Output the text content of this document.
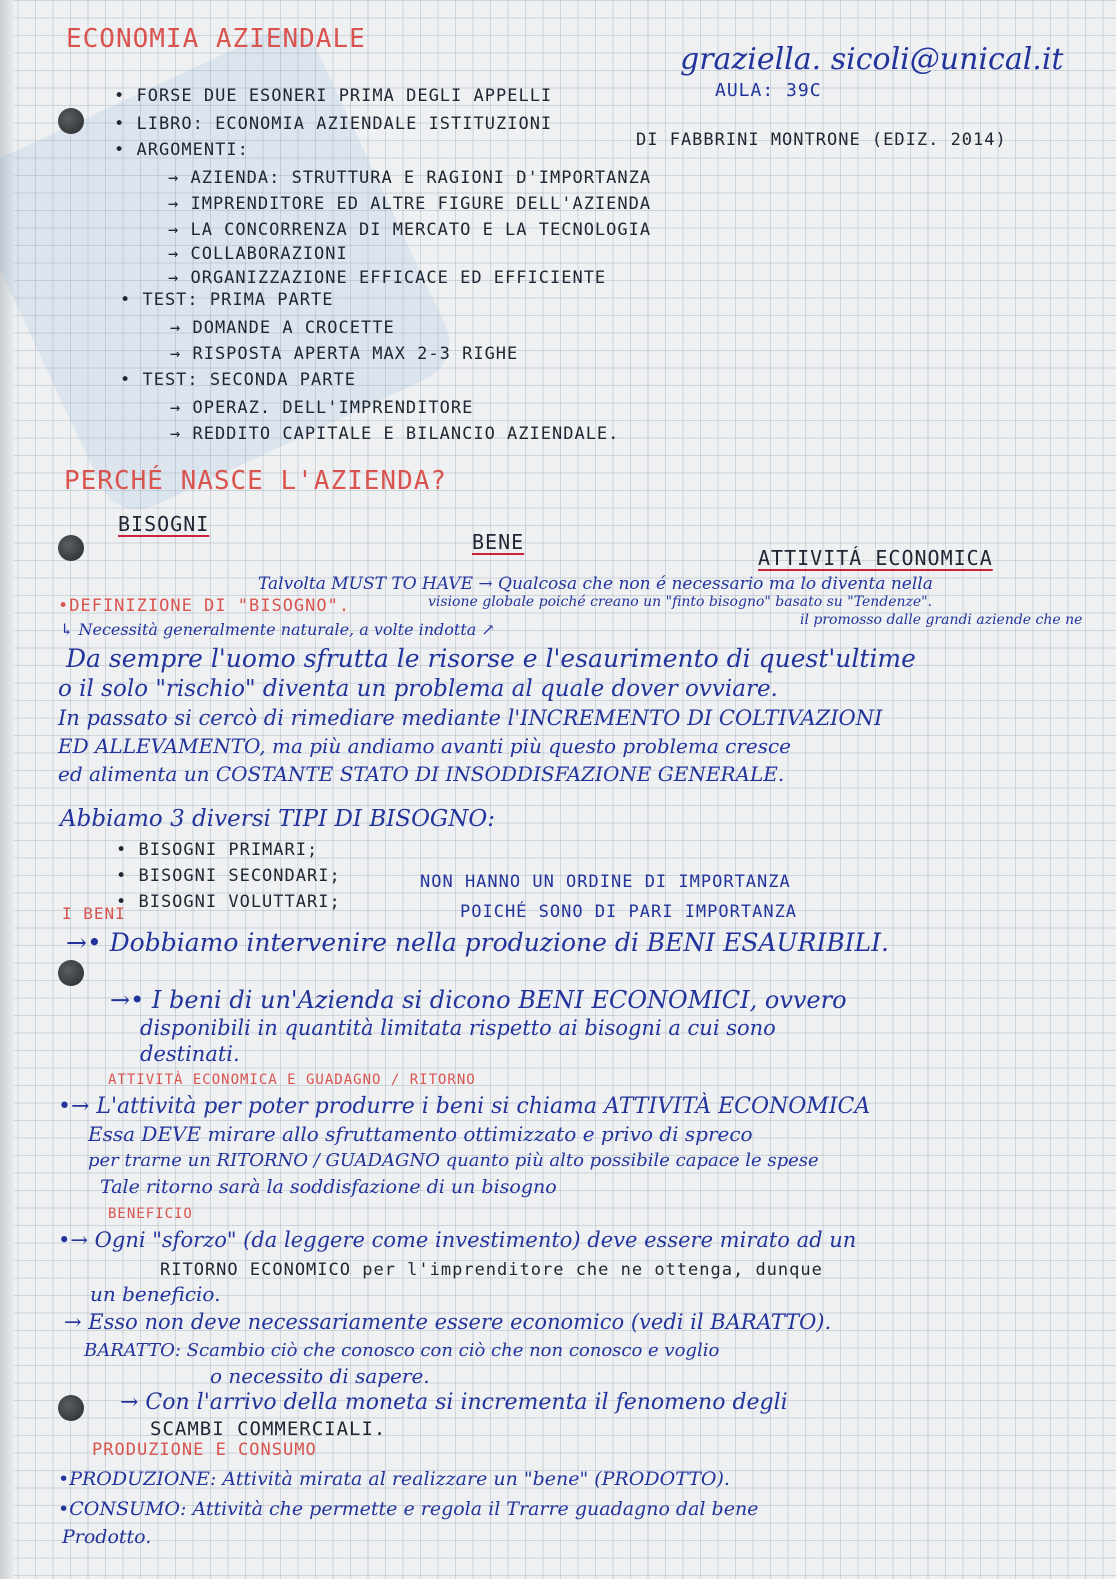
ECONOMIA AZIENDALE
graziella. sicoli@unical.it
AULA: 39C
• FORSE DUE ESONERI PRIMA DEGLI APPELLI
• LIBRO: ECONOMIA AZIENDALE ISTITUZIONI
DI FABBRINI MONTRONE (EDIZ. 2014)
• ARGOMENTI:
→ AZIENDA: STRUTTURA E RAGIONI D'IMPORTANZA
→ IMPRENDITORE ED ALTRE FIGURE DELL'AZIENDA
→ LA CONCORRENZA DI MERCATO E LA TECNOLOGIA
→ COLLABORAZIONI
→ ORGANIZZAZIONE EFFICACE ED EFFICIENTE
• TEST: PRIMA PARTE
→ DOMANDE A CROCETTE
→ RISPOSTA APERTA MAX 2-3 RIGHE
• TEST: SECONDA PARTE
→ OPERAZ. DELL'IMPRENDITORE
→ REDDITO CAPITALE E BILANCIO AZIENDALE.
PERCHÉ NASCE L'AZIENDA?
BISOGNI
BENE
ATTIVITÁ ECONOMICA
Talvolta MUST TO HAVE → Qualcosa che non é necessario ma lo diventa nella
visione globale poiché creano un "finto bisogno" basato su "Tendenze".
il promosso dalle grandi aziende che ne
•DEFINIZIONE DI "BISOGNO".
↳ Necessità generalmente naturale, a volte indotta ↗
Da sempre l'uomo sfrutta le risorse e l'esaurimento di quest'ultime
o il solo "rischio" diventa un problema al quale dover ovviare.
In passato si cercò di rimediare mediante l'INCREMENTO DI COLTIVAZIONI
ED ALLEVAMENTO, ma più andiamo avanti più questo problema cresce
ed alimenta un COSTANTE STATO DI INSODDISFAZIONE GENERALE.
Abbiamo 3 diversi TIPI DI BISOGNO:
• BISOGNI PRIMARI;
• BISOGNI SECONDARI;
• BISOGNI VOLUTTARI;
NON HANNO UN ORDINE DI IMPORTANZA
POICHÉ SONO DI PARI IMPORTANZA
I BENI
→• Dobbiamo intervenire nella produzione di BENI ESAURIBILI.
→• I beni di un'Azienda si dicono BENI ECONOMICI, ovvero
disponibili in quantità limitata rispetto ai bisogni a cui sono
destinati.
ATTIVITÀ ECONOMICA E GUADAGNO / RITORNO
•→ L'attività per poter produrre i beni si chiama ATTIVITÀ ECONOMICA
Essa DEVE mirare allo sfruttamento ottimizzato e privo di spreco
per trarne un RITORNO / GUADAGNO quanto più alto possibile capace le spese
Tale ritorno sarà la soddisfazione di un bisogno
BENEFICIO
•→ Ogni "sforzo" (da leggere come investimento) deve essere mirato ad un
RITORNO ECONOMICO per l'imprenditore che ne ottenga, dunque
un beneficio.
→ Esso non deve necessariamente essere economico (vedi il BARATTO).
BARATTO: Scambio ciò che conosco con ciò che non conosco e voglio
o necessito di sapere.
→ Con l'arrivo della moneta si incrementa il fenomeno degli
SCAMBI COMMERCIALI.
PRODUZIONE E CONSUMO
•PRODUZIONE: Attività mirata al realizzare un "bene" (PRODOTTO).
•CONSUMO: Attività che permette e regola il Trarre guadagno dal bene
Prodotto.
